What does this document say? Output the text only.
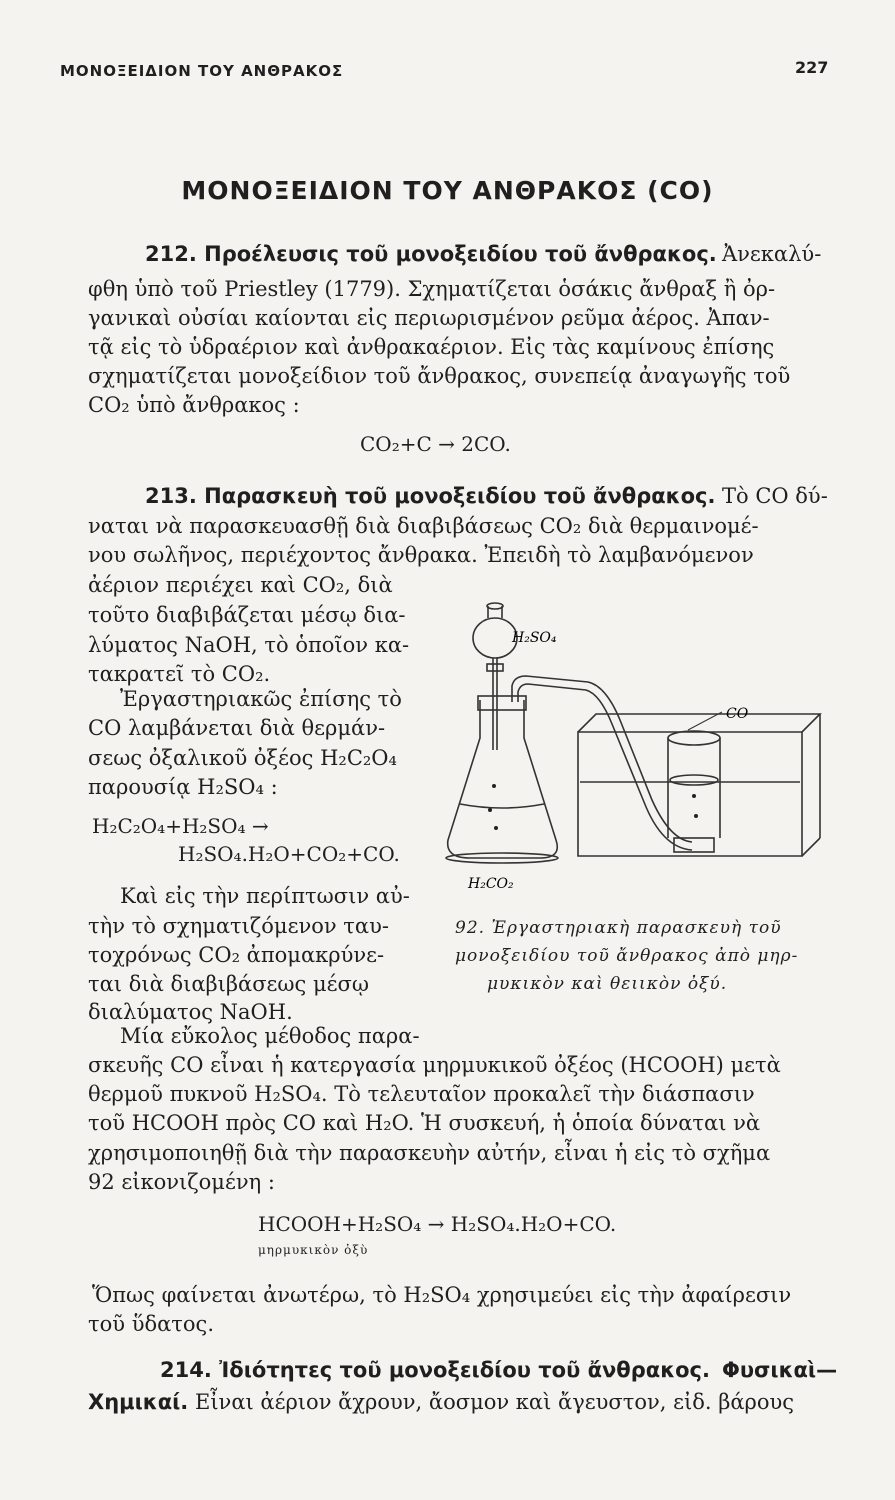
ΜΟΝΟΞΕΙΔΙΟΝ ΤΟΥ ΑΝΘΡΑΚΟΣ	227
ΜΟΝΟΞΕΙΔΙΟΝ ΤΟΥ ΑΝΘΡΑΚΟΣ (CO)
212. Προέλευσις τοῦ μονοξειδίου τοῦ ἄνθρακος. Ἀνεκαλύ-
φθη ὑπὸ τοῦ Priestley (1779). Σχηματίζεται ὁσάκις ἄνθραξ ἢ ὀρ-
γανικαὶ οὐσίαι καίονται εἰς περιωρισμένον ρεῦμα ἀέρος. Ἀπαν-
τᾷ εἰς τὸ ὑδραέριον καὶ ἀνθρακαέριον. Εἰς τὰς καμίνους ἐπίσης
σχηματίζεται μονοξείδιον τοῦ ἄνθρακος, συνεπείᾳ ἀναγωγῆς τοῦ
CO₂ ὑπὸ ἄνθρακος :
CO₂+C → 2CO.
213. Παρασκευὴ τοῦ μονοξειδίου τοῦ ἄνθρακος. Τὸ CO δύ-
ναται νὰ παρασκευασθῇ διὰ διαβιβάσεως CO₂ διὰ θερμαινομέ-
νου σωλῆνος, περιέχοντος ἄνθρακα. Ἐπειδὴ τὸ λαμβανόμενον
ἀέριον περιέχει καὶ CO₂, διὰ
τοῦτο διαβιβάζεται μέσῳ δια-
λύματος NaOH, τὸ ὁποῖον κα-
τακρατεῖ τὸ CO₂.
Ἐργαστηριακῶς ἐπίσης τὸ
CO λαμβάνεται διὰ θερμάν-
σεως ὀξαλικοῦ ὀξέος H₂C₂O₄
παρουσίᾳ H₂SO₄ :
H₂C₂O₄+H₂SO₄ →
H₂SO₄.H₂O+CO₂+CO.
Καὶ εἰς τὴν περίπτωσιν αὐ-
τὴν τὸ σχηματιζόμενον ταυ-
τοχρόνως CO₂ ἀπομακρύνε-
ται διὰ διαβιβάσεως μέσῳ
διαλύματος NaOH.
Μία εὔκολος μέθοδος παρα-
σκευῆς CO εἶναι ἡ κατεργασία μηρμυκικοῦ ὀξέος (HCOOH) μετὰ
θερμοῦ πυκνοῦ H₂SO₄. Τὸ τελευταῖον προκαλεῖ τὴν διάσπασιν
τοῦ HCOOH πρὸς CO καὶ H₂O. Ἡ συσκευή, ἡ ὁποία δύναται νὰ
χρησιμοποιηθῇ διὰ τὴν παρασκευὴν αὐτήν, εἶναι ἡ εἰς τὸ σχῆμα
92 εἰκονιζομένη :
HCOOH+H₂SO₄ → H₂SO₄.H₂O+CO.
μηρμυκικὸν ὀξὺ
Ὅπως φαίνεται ἀνωτέρω, τὸ H₂SO₄ χρησιμεύει εἰς τὴν ἀφαίρεσιν
τοῦ ὕδατος.
214. Ἰδιότητες τοῦ μονοξειδίου τοῦ ἄνθρακος. Φυσικαὶ—
Χημικαί. Εἶναι ἀέριον ἄχρουν, ἄοσμον καὶ ἄγευστον, εἰδ. βάρους
H₂SO₄
CO
H₂CO₂
92. Ἐργαστηριακὴ παρασκευὴ τοῦ
μονοξειδίου τοῦ ἄνθρακος ἀπὸ μηρ-
μυκικὸν καὶ θειικὸν ὀξύ.
